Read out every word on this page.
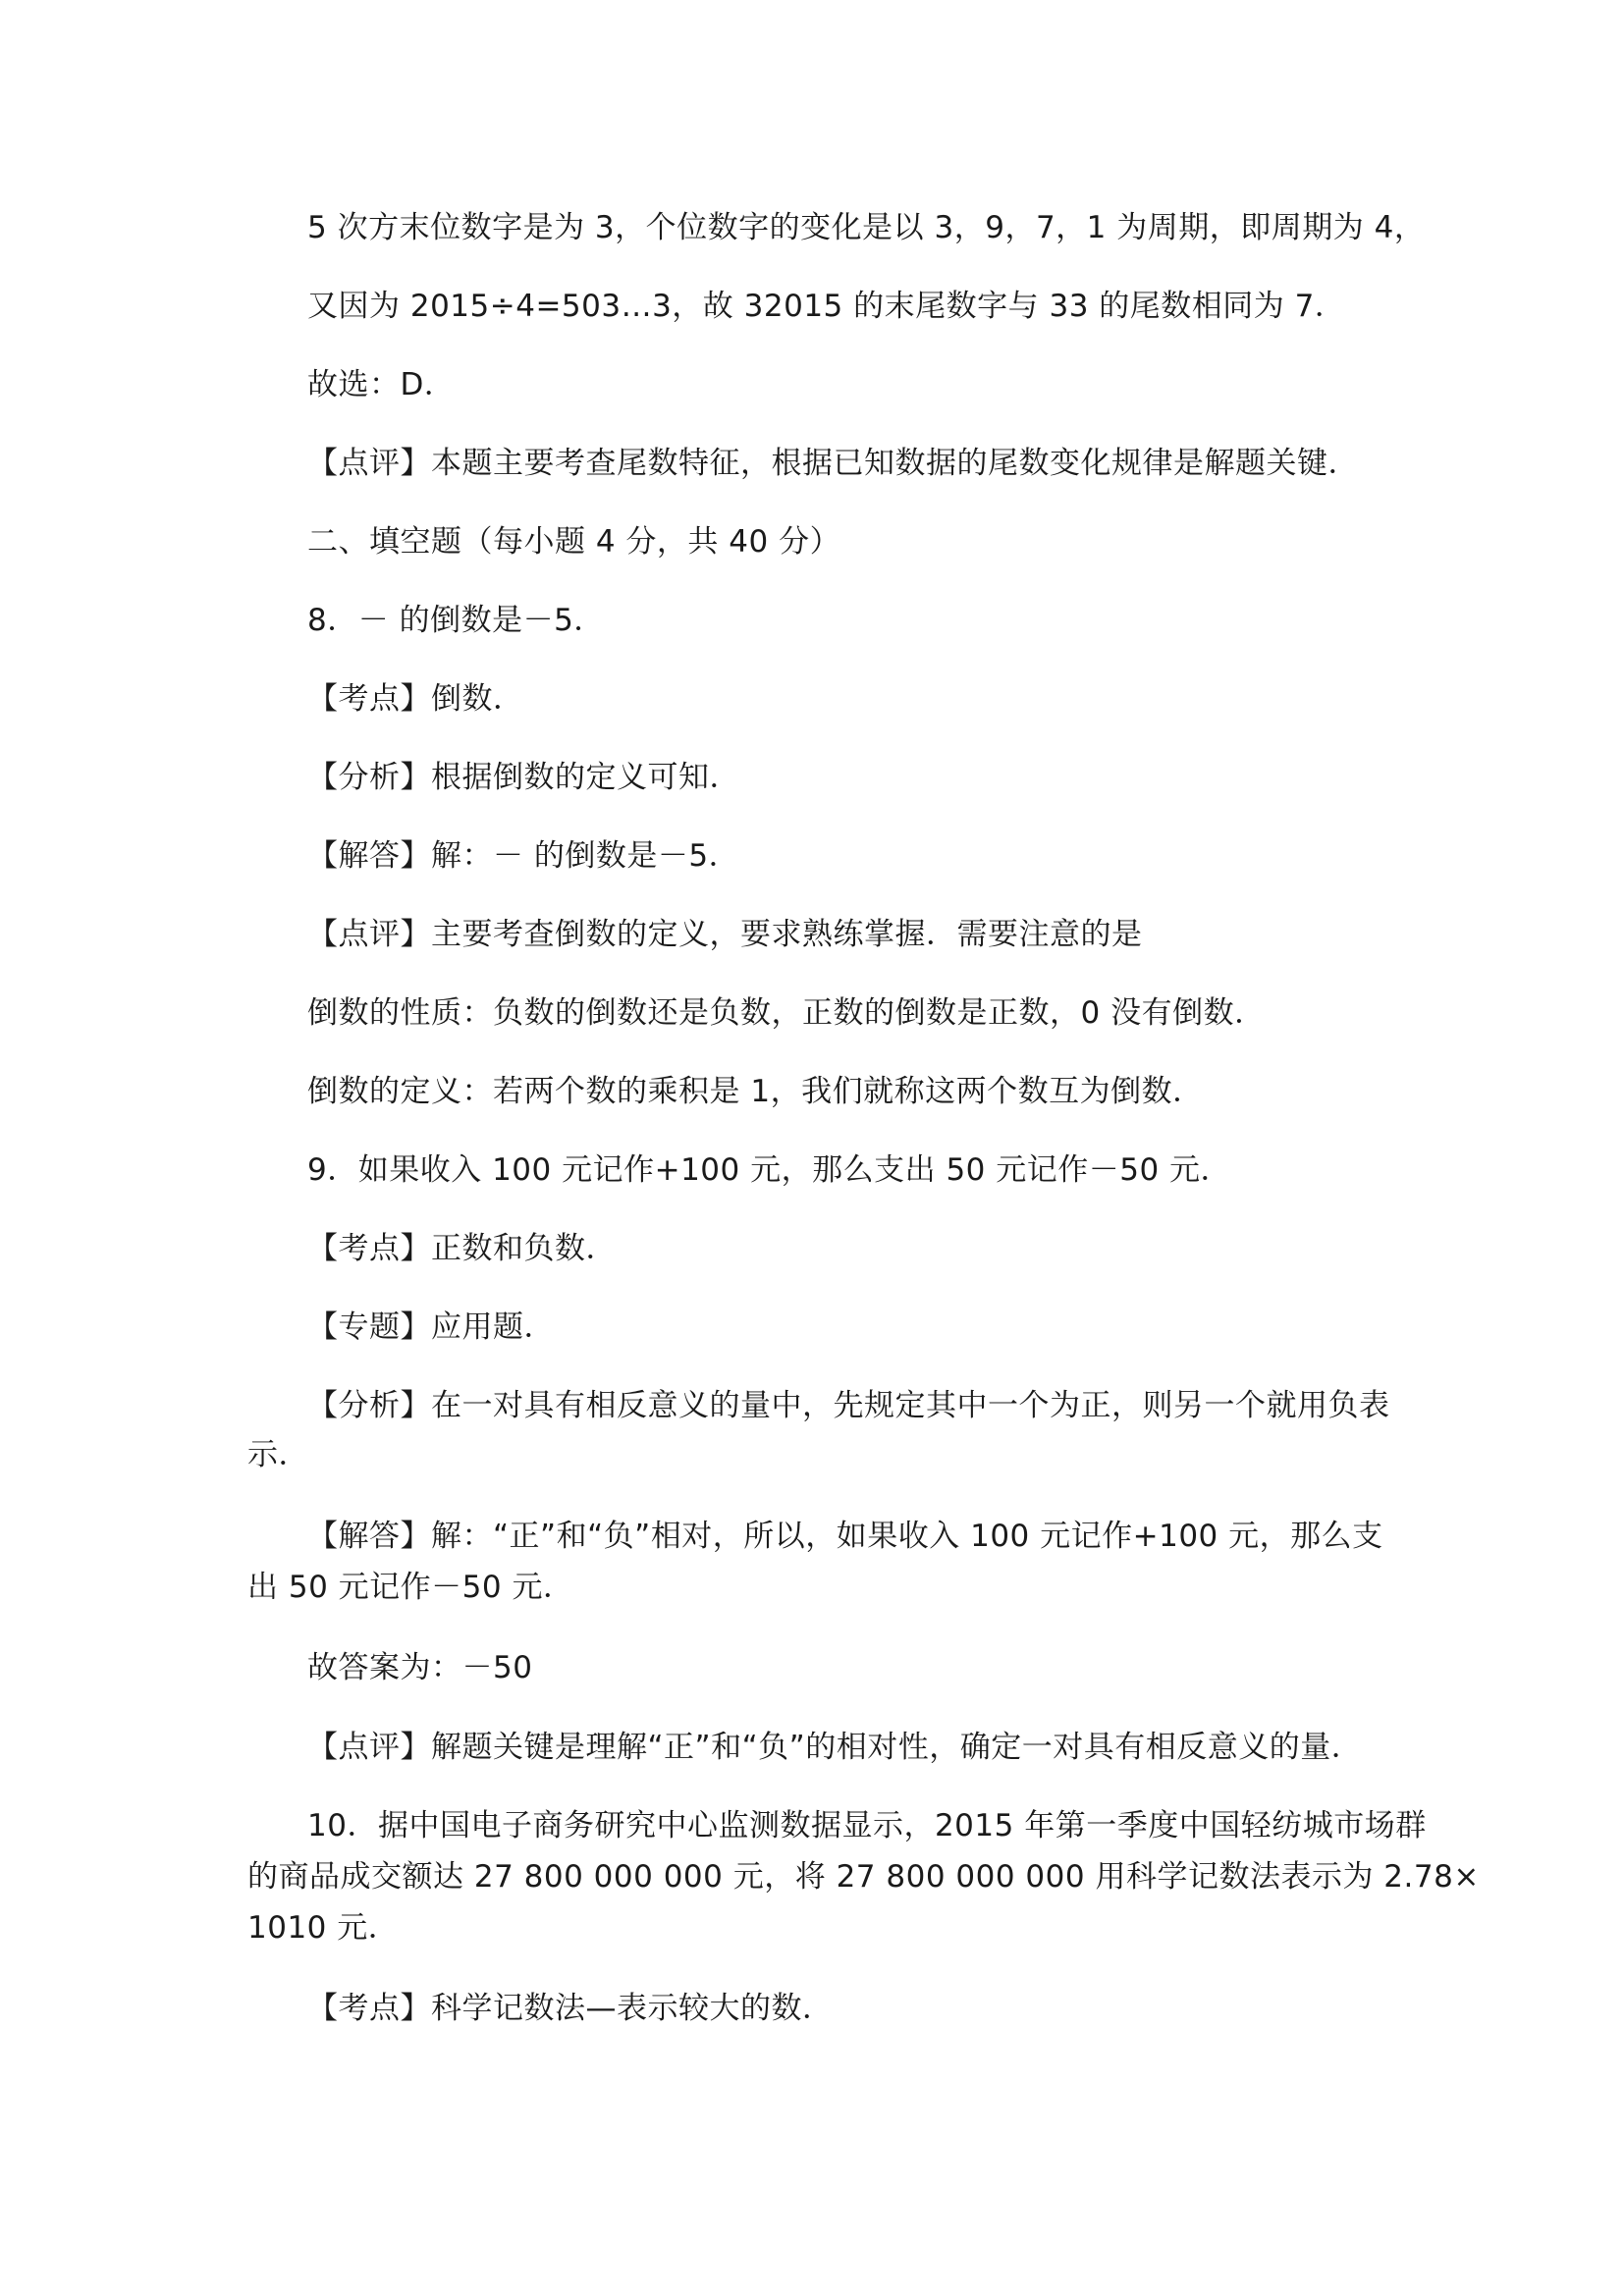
5 次方末位数字是为 3，个位数字的变化是以 3，9，7，1 为周期，即周期为 4，
又因为 2015÷4=503…3，故 32015 的末尾数字与 33 的尾数相同为 7．
故选：D．
【点评】本题主要考查尾数特征，根据已知数据的尾数变化规律是解题关键．
二、填空题（每小题 4 分，共 40 分）
8．－ 的倒数是－5．
【考点】倒数．
【分析】根据倒数的定义可知．
【解答】解：－ 的倒数是－5．
【点评】主要考查倒数的定义，要求熟练掌握．需要注意的是
倒数的性质：负数的倒数还是负数，正数的倒数是正数，0 没有倒数．
倒数的定义：若两个数的乘积是 1，我们就称这两个数互为倒数．
9．如果收入 100 元记作+100 元，那么支出 50 元记作－50 元．
【考点】正数和负数．
【专题】应用题．
【分析】在一对具有相反意义的量中，先规定其中一个为正，则另一个就用负表
示．
【解答】解：“正”和“负”相对，所以，如果收入 100 元记作+100 元，那么支
出 50 元记作－50 元．
故答案为：－50
【点评】解题关键是理解“正”和“负”的相对性，确定一对具有相反意义的量．
10．据中国电子商务研究中心监测数据显示，2015 年第一季度中国轻纺城市场群
的商品成交额达 27 800 000 000 元，将 27 800 000 000 用科学记数法表示为 2.78×
1010 元．
【考点】科学记数法—表示较大的数．
